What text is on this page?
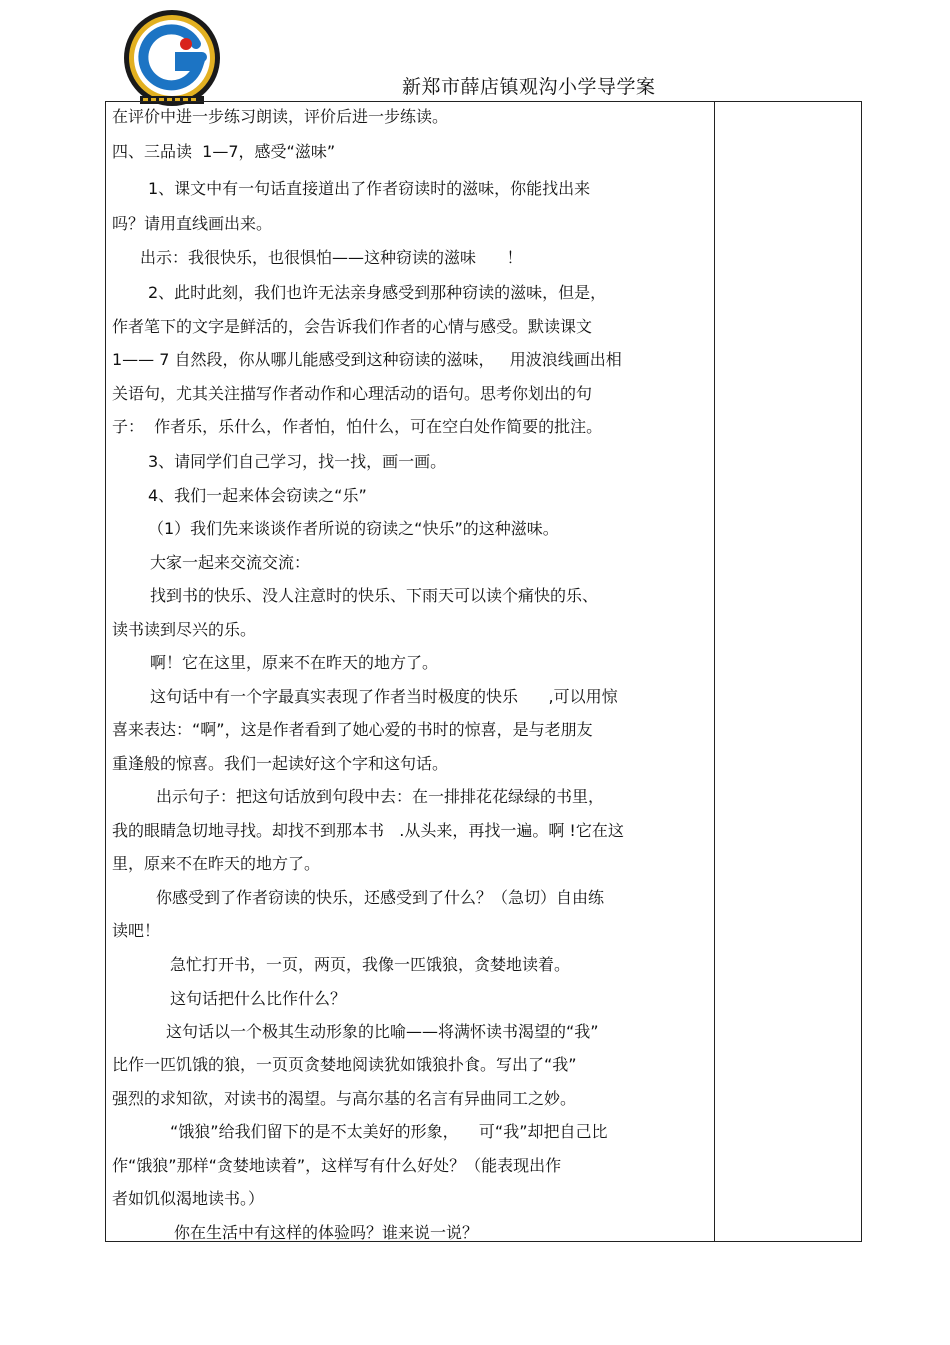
新郑市薛店镇观沟小学导学案
在评价中进一步练习朗读，评价后进一步练读。
四、三品读  1—7，感受“滋味”
1、课文中有一句话直接道出了作者窃读时的滋味，你能找出来
吗？请用直线画出来。
出示：我很快乐，也很惧怕——这种窃读的滋味      ！
2、此时此刻，我们也许无法亲身感受到那种窃读的滋味，但是，
作者笔下的文字是鲜活的，会告诉我们作者的心情与感受。默读课文
1—— 7 自然段，你从哪儿能感受到这种窃读的滋味，   用波浪线画出相
关语句，尤其关注描写作者动作和心理活动的语句。思考你划出的句
子：  作者乐，乐什么，作者怕，怕什么，可在空白处作简要的批注。
3、请同学们自己学习，找一找，画一画。
4、我们一起来体会窃读之“乐”
（1）我们先来谈谈作者所说的窃读之“快乐”的这种滋味。
大家一起来交流交流：
找到书的快乐、没人注意时的快乐、下雨天可以读个痛快的乐、
读书读到尽兴的乐。
啊！它在这里，原来不在昨天的地方了。
这句话中有一个字最真实表现了作者当时极度的快乐      ,可以用惊
喜来表达：“啊”，这是作者看到了她心爱的书时的惊喜，是与老朋友
重逢般的惊喜。我们一起读好这个字和这句话。
出示句子：把这句话放到句段中去：在一排排花花绿绿的书里，
我的眼睛急切地寻找。却找不到那本书   .从头来，再找一遍。啊 !它在这
里，原来不在昨天的地方了。
你感受到了作者窃读的快乐，还感受到了什么？（急切）自由练
读吧！
急忙打开书，一页，两页，我像一匹饿狼，贪婪地读着。
这句话把什么比作什么？
这句话以一个极其生动形象的比喻——将满怀读书渴望的“我”
比作一匹饥饿的狼，一页页贪婪地阅读犹如饿狼扑食。写出了“我”
强烈的求知欲，对读书的渴望。与高尔基的名言有异曲同工之妙。
“饿狼”给我们留下的是不太美好的形象，    可“我”却把自己比
作“饿狼”那样“贪婪地读着”，这样写有什么好处？（能表现出作
者如饥似渴地读书。）
你在生活中有这样的体验吗？谁来说一说？
